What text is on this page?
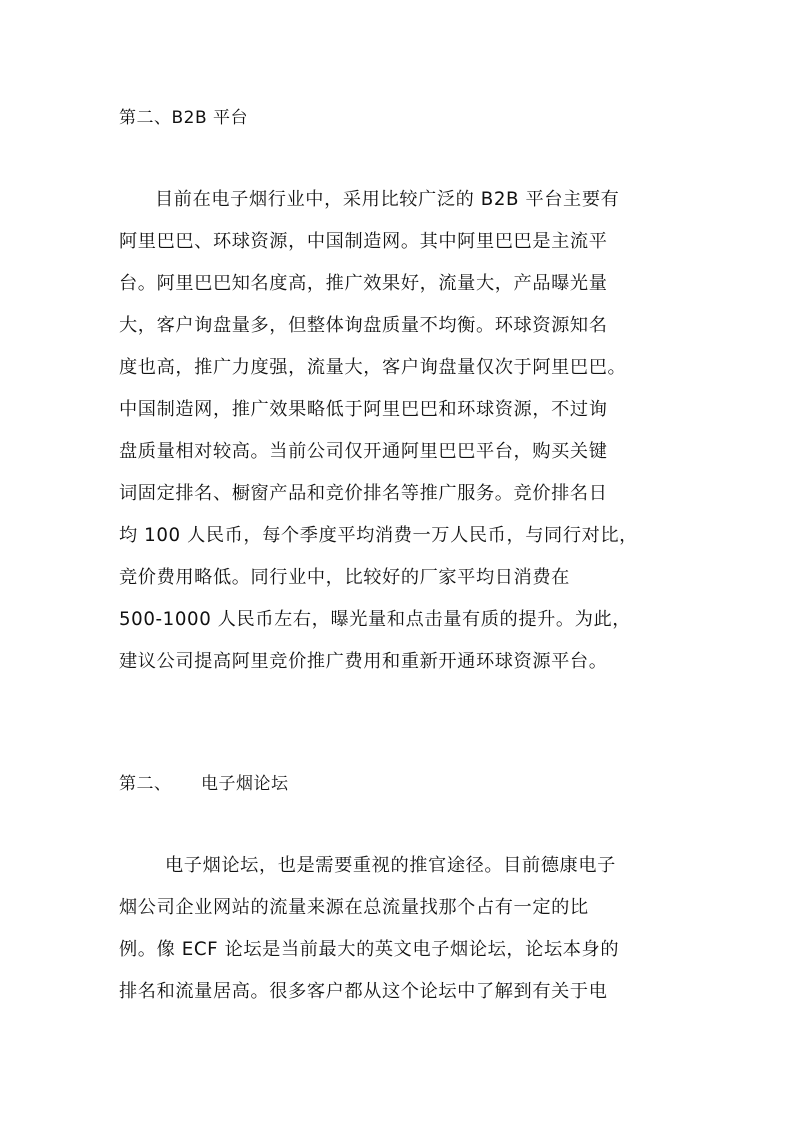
第二、B2B 平台
目前在电子烟行业中，采用比较广泛的 B2B 平台主要有
阿里巴巴、环球资源，中国制造网。其中阿里巴巴是主流平
台。阿里巴巴知名度高，推广效果好，流量大，产品曝光量
大，客户询盘量多，但整体询盘质量不均衡。环球资源知名
度也高，推广力度强，流量大，客户询盘量仅次于阿里巴巴。
中国制造网，推广效果略低于阿里巴巴和环球资源，不过询
盘质量相对较高。当前公司仅开通阿里巴巴平台，购买关键
词固定排名、橱窗产品和竞价排名等推广服务。竞价排名日
均 100 人民币，每个季度平均消费一万人民币，与同行对比，
竞价费用略低。同行业中，比较好的厂家平均日消费在
500-1000 人民币左右，曝光量和点击量有质的提升。为此，
建议公司提高阿里竞价推广费用和重新开通环球资源平台。
第二、     电子烟论坛
电子烟论坛，也是需要重视的推官途径。目前德康电子
烟公司企业网站的流量来源在总流量找那个占有一定的比
例。像 ECF 论坛是当前最大的英文电子烟论坛，论坛本身的
排名和流量居高。很多客户都从这个论坛中了解到有关于电
